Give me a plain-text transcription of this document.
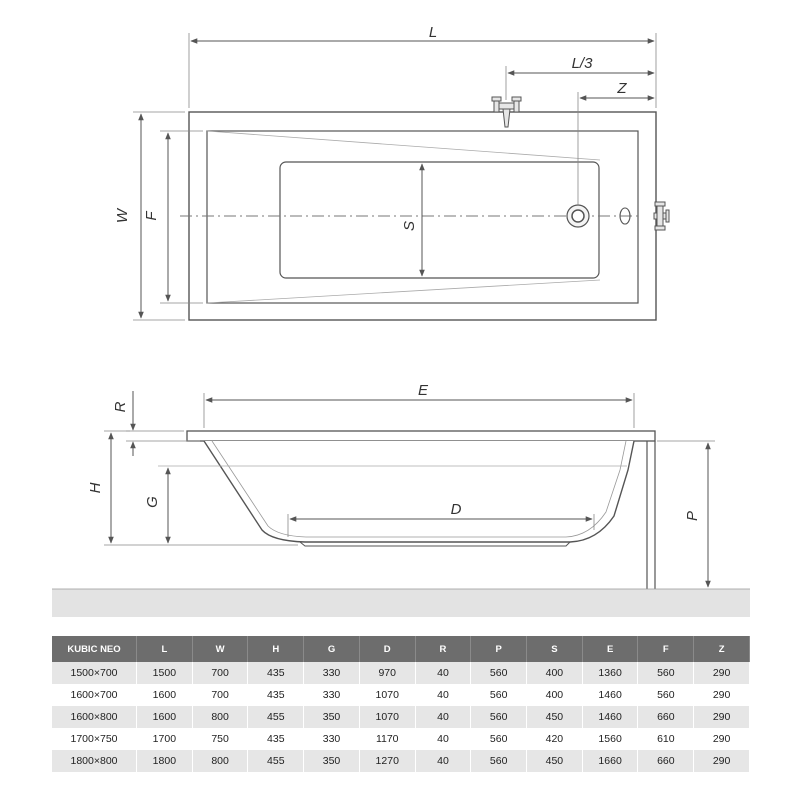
L
L/3
Z
W F
S
E
R
H
G	D	P
KUBIC NEO	L	W	H	G	D	R	P	S	E	F	Z
1500×700	1500	700	435	330	970	40	560	400	1360	560	290
1600×700	1600	700	435	330	1070	40	560	400	1460	560	290
1600×800	1600	800	455	350	1070	40	560	450	1460	660	290
1700×750	1700	750	435	330	1170	40	560	420	1560	610	290
1800×800	1800	800	455	350	1270	40	560	450	1660	660	290
